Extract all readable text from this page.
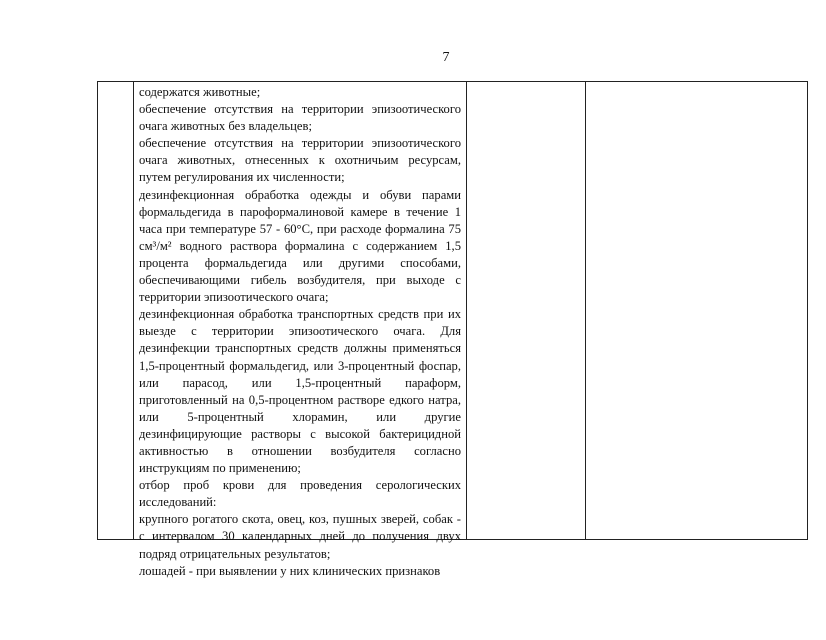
7

содержатся животные;

обеспечение отсутствия на территории эпизоотического очага животных без владельцев;

обеспечение отсутствия на территории эпизоотического очага животных, отнесенных к охотничьим ресурсам, путем регулирования их численности;

дезинфекционная обработка одежды и обуви парами формальдегида в пароформалиновой камере в течение 1 часа при температуре 57 - 60°С, при расходе формалина 75 см³/м² водного раствора формалина с содержанием 1,5 процента формальдегида или другими способами, обеспечивающими гибель возбудителя, при выходе с территории эпизоотического очага;

дезинфекционная обработка транспортных средств при их выезде с территории эпизоотического очага. Для дезинфекции транспортных средств должны применяться 1,5-процентный формальдегид, или 3-процентный фоспар, или парасод, или 1,5-процентный параформ, приготовленный на 0,5-процентном растворе едкого натра, или 5-процентный хлорамин, или другие дезинфицирующие растворы с высокой бактерицидной активностью в отношении возбудителя согласно инструкциям по применению;

отбор проб крови для проведения серологических исследований:

крупного рогатого скота, овец, коз, пушных зверей, собак - с интервалом 30 календарных дней до получения двух подряд отрицательных результатов;

лошадей - при выявлении у них клинических признаков
